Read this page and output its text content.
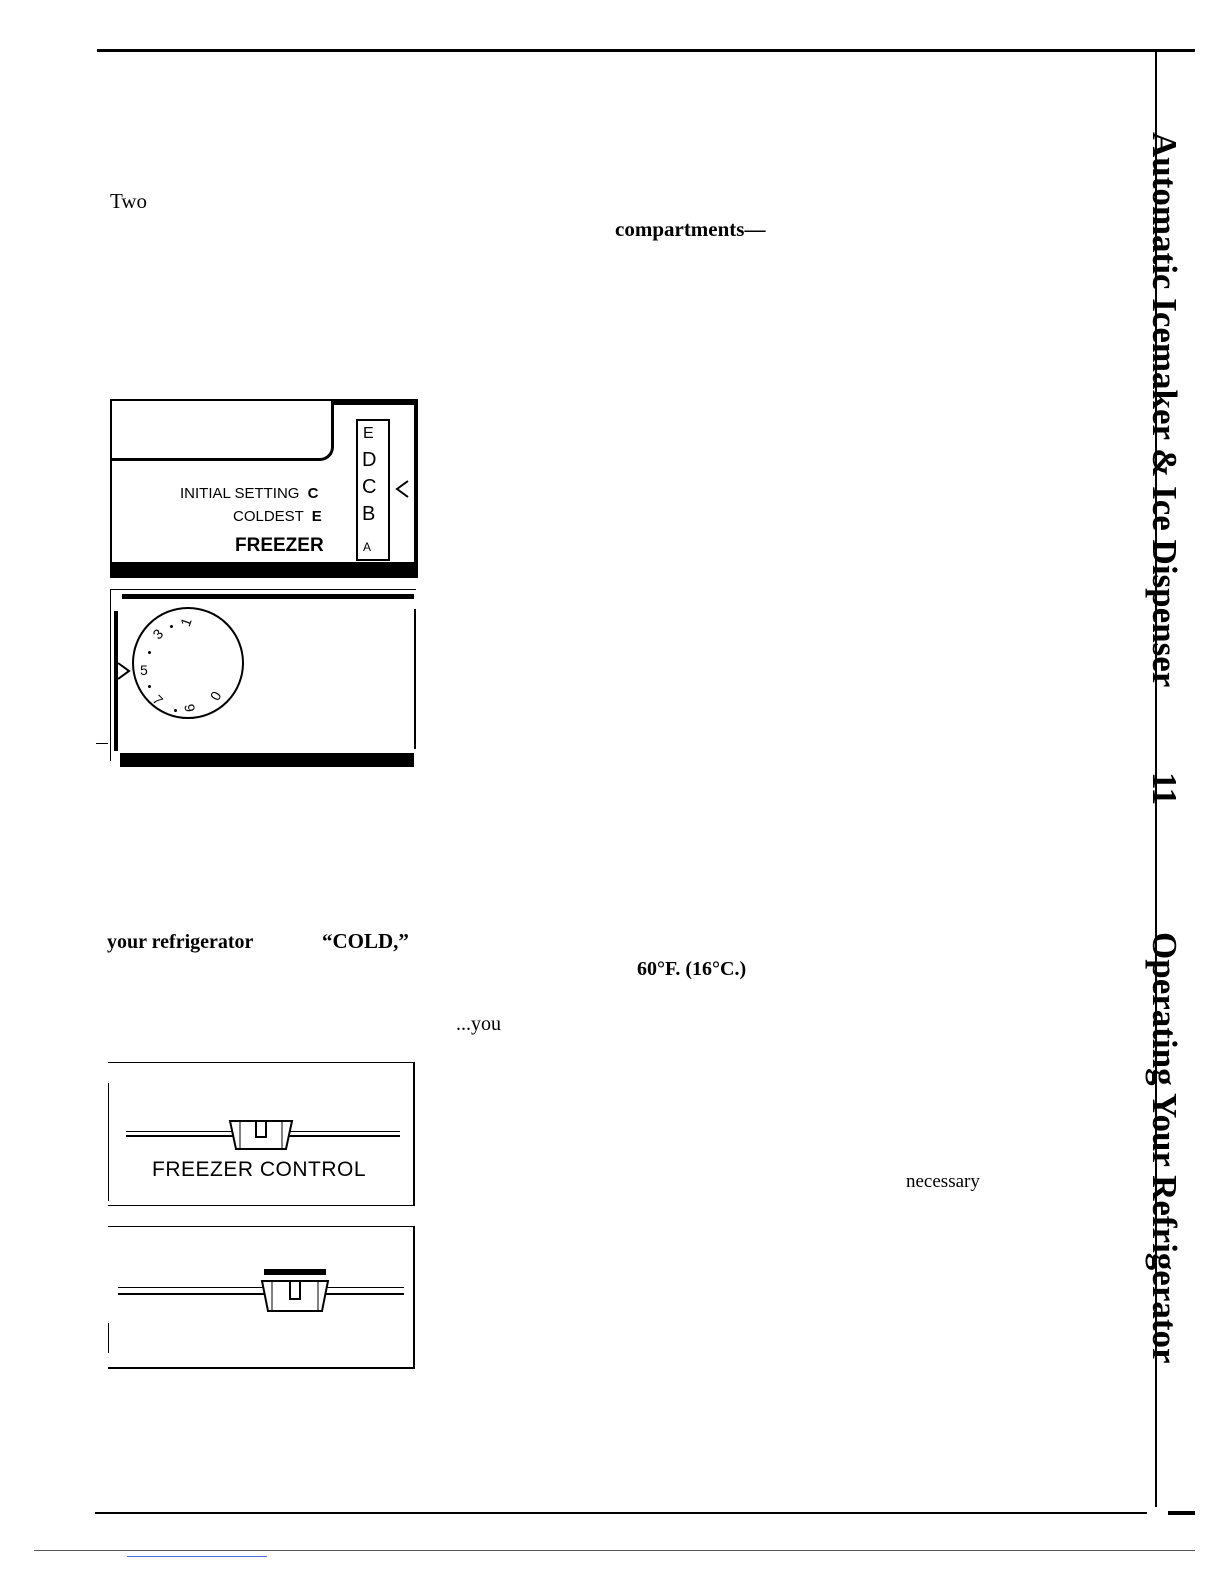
Automatic Icemaker & Ice Dispenser
11
Operating Your Refrigerator
Two
compartments—
your refrigerator	“COLD,”
60°F. (16°C.)
...you
necessary
INITIAL SETTING C
COLDEST E
FREEZER
E
D
C
B
A
1
3
5
7 9
0
FREEZER CONTROL
